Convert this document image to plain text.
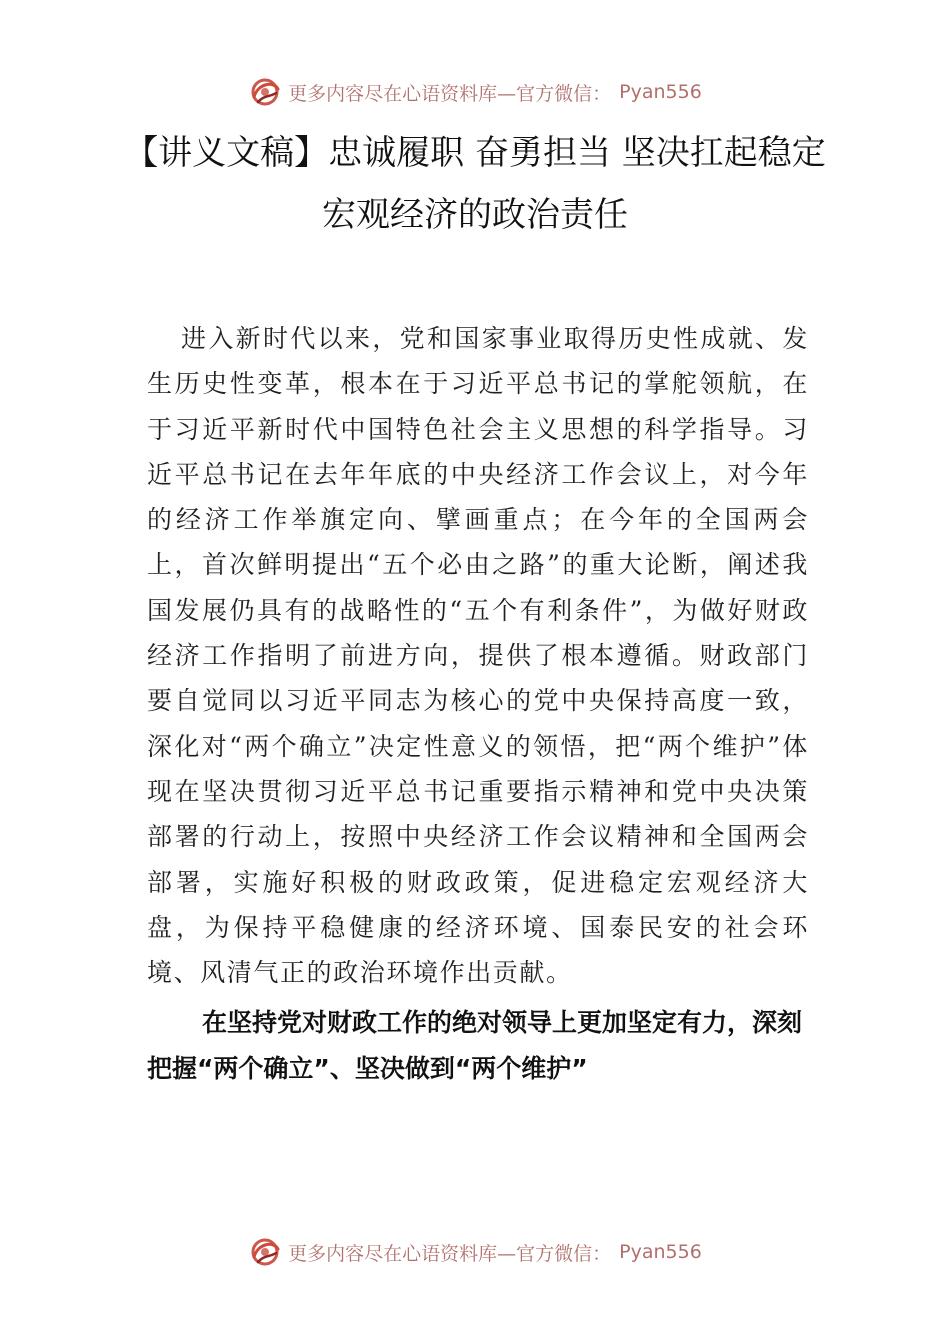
更多内容尽在心语资料库—官方微信： Pyan556
【讲义文稿】忠诚履职 奋勇担当 坚决扛起稳定宏观经济的政治责任
进入新时代以来，党和国家事业取得历史性成就、发生历史性变革，根本在于习近平总书记的掌舵领航，在于习近平新时代中国特色社会主义思想的科学指导。习近平总书记在去年年底的中央经济工作会议上，对今年的经济工作举旗定向、擘画重点；在今年的全国两会上，首次鲜明提出“五个必由之路”的重大论断，阐述我国发展仍具有的战略性的“五个有利条件”，为做好财政经济工作指明了前进方向，提供了根本遵循。财政部门要自觉同以习近平同志为核心的党中央保持高度一致，深化对“两个确立”决定性意义的领悟，把“两个维护”体现在坚决贯彻习近平总书记重要指示精神和党中央决策部署的行动上，按照中央经济工作会议精神和全国两会部署，实施好积极的财政政策，促进稳定宏观经济大盘，为保持平稳健康的经济环境、国泰民安的社会环境、风清气正的政治环境作出贡献。
在坚持党对财政工作的绝对领导上更加坚定有力，深刻把握“两个确立”、坚决做到“两个维护”
更多内容尽在心语资料库—官方微信： Pyan556
